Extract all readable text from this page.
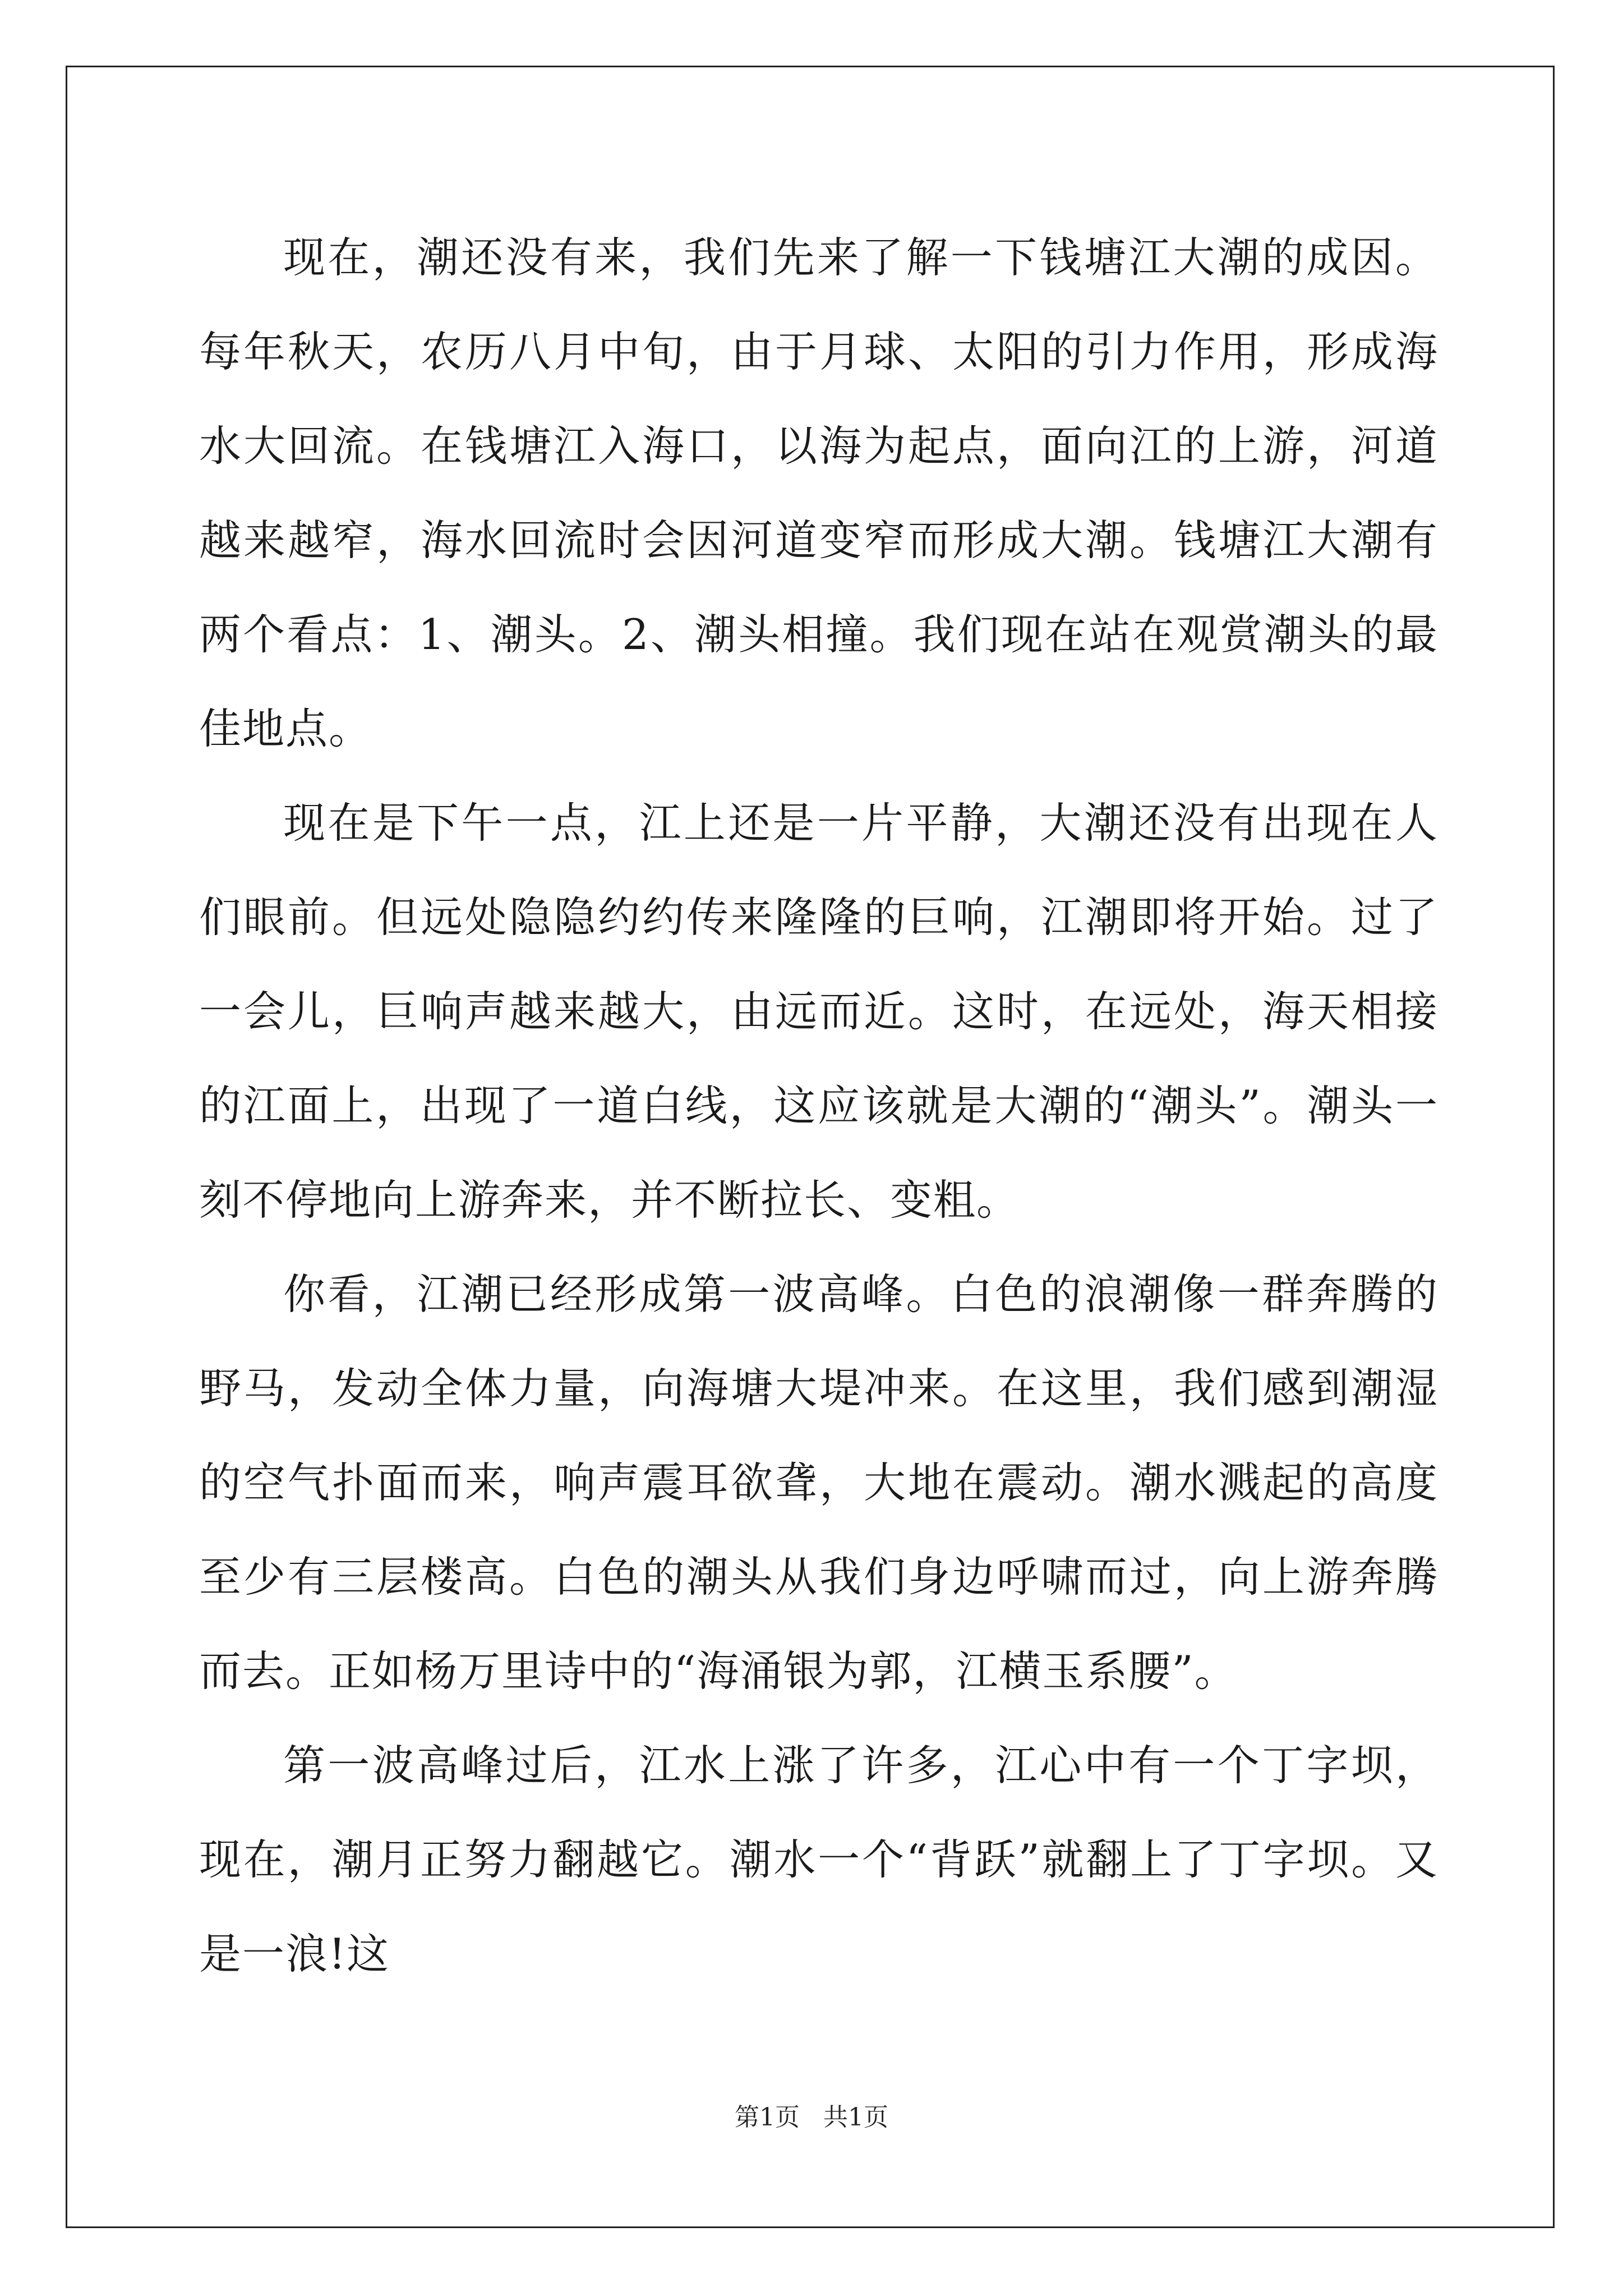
现在，潮还没有来，我们先来了解一下钱塘江大潮的成因。每年秋天，农历八月中旬，由于月球、太阳的引力作用，形成海水大回流。在钱塘江入海口，以海为起点，面向江的上游，河道越来越窄，海水回流时会因河道变窄而形成大潮。钱塘江大潮有两个看点：1、潮头。2、潮头相撞。我们现在站在观赏潮头的最佳地点。

现在是下午一点，江上还是一片平静，大潮还没有出现在人们眼前。但远处隐隐约约传来隆隆的巨响，江潮即将开始。过了一会儿，巨响声越来越大，由远而近。这时，在远处，海天相接的江面上，出现了一道白线，这应该就是大潮的“潮头”。潮头一刻不停地向上游奔来，并不断拉长、变粗。

你看，江潮已经形成第一波高峰。白色的浪潮像一群奔腾的野马，发动全体力量，向海塘大堤冲来。在这里，我们感到潮湿的空气扑面而来，响声震耳欲聋，大地在震动。潮水溅起的高度至少有三层楼高。白色的潮头从我们身边呼啸而过，向上游奔腾而去。正如杨万里诗中的“海涌银为郭，江横玉系腰”。

第一波高峰过后，江水上涨了许多，江心中有一个丁字坝，现在，潮月正努力翻越它。潮水一个“背跃”就翻上了丁字坝。又是一浪!这

第1页   共1页
